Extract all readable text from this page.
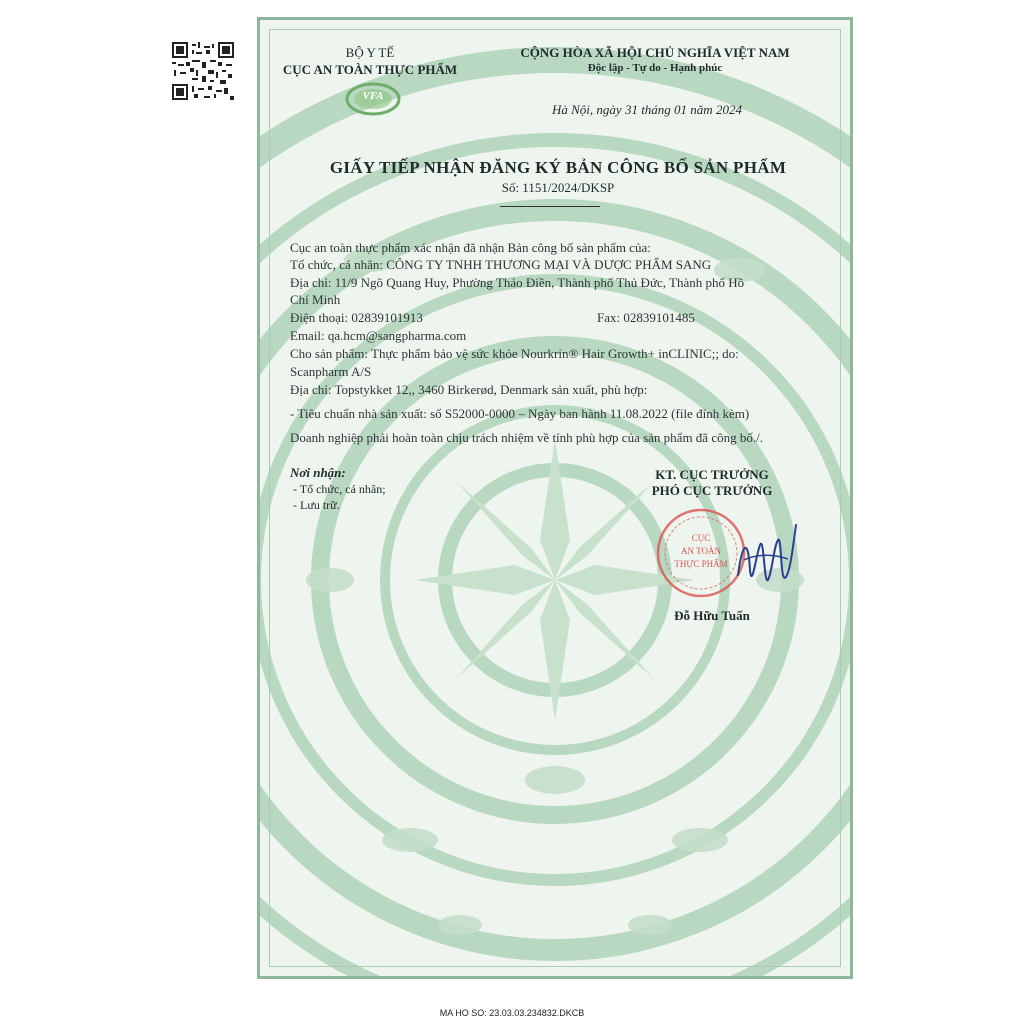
BỘ Y TẾ
CỤC AN TOÀN THỰC PHẨM
VFA
CỘNG HÒA XÃ HỘI CHỦ NGHĨA VIỆT NAM
Độc lập - Tự do - Hạnh phúc
Hà Nội, ngày 31 tháng 01 năm 2024
GIẤY TIẾP NHẬN ĐĂNG KÝ BẢN CÔNG BỐ SẢN PHẨM
Số: 1151/2024/DKSP
Cục an toàn thực phẩm xác nhận đã nhận Bản công bố sản phẩm của:
Tổ chức, cá nhân: CÔNG TY TNHH THƯƠNG MẠI VÀ DƯỢC PHẨM SANG
Địa chỉ: 11/9 Ngô Quang Huy, Phường Thảo Điền, Thành phố Thủ Đức, Thành phố Hồ
Chí Minh
Điện thoại: 02839101913	Fax: 02839101485
Email: qa.hcm@sangpharma.com
Cho sản phẩm: Thực phẩm bảo vệ sức khỏe Nourkrin® Hair Growth+ inCLINIC;; do:
Scanpharm A/S
Địa chỉ: Topstykket 12,, 3460 Birkerød, Denmark sản xuất, phù hợp:
- Tiêu chuẩn nhà sản xuất: số S52000-0000 – Ngày ban hành 11.08.2022 (file đính kèm)
Doanh nghiệp phải hoàn toàn chịu trách nhiệm về tính phù hợp của sản phẩm đã công bố./.
Nơi nhận:
- Tổ chức, cá nhân;
- Lưu trữ.
KT. CỤC TRƯỞNG
PHÓ CỤC TRƯỞNG
CỤC
AN TOÀN
THỰC PHẨM
Đỗ Hữu Tuấn
MA HO SO: 23.03.03.234832.DKCB
